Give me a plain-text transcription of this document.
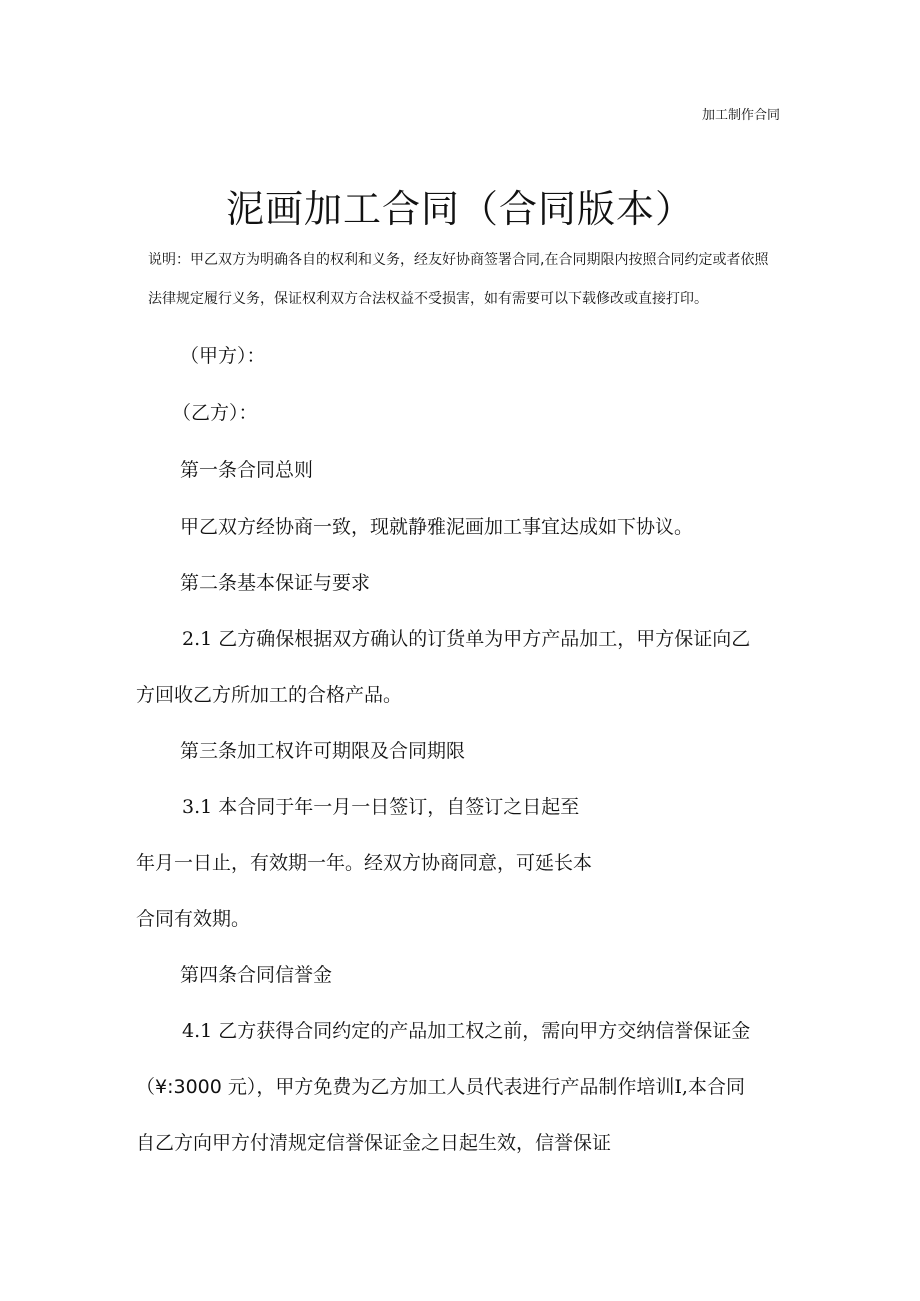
加工制作合同
泥画加工合同（合同版本）
说明：甲乙双方为明确各自的权利和义务，经友好协商签署合同,在合同期限内按照合同约定或者依照
法律规定履行义务，保证权利双方合法权益不受损害，如有需要可以下载修改或直接打印。
（甲方）：
（乙方）：
第一条合同总则
甲乙双方经协商一致，现就静雅泥画加工事宜达成如下协议。
第二条基本保证与要求
2.1 乙方确保根据双方确认的订货单为甲方产品加工，甲方保证向乙
方回收乙方所加工的合格产品。
第三条加工权许可期限及合同期限
3.1 本合同于年一月一日签订，自签订之日起至
年月一日止，有效期一年。经双方协商同意，可延长本
合同有效期。
第四条合同信誉金
4.1 乙方获得合同约定的产品加工权之前，需向甲方交纳信誉保证金
（¥:3000 元），甲方免费为乙方加工人员代表进行产品制作培训I,本合同
自乙方向甲方付清规定信誉保证金之日起生效，信誉保证
